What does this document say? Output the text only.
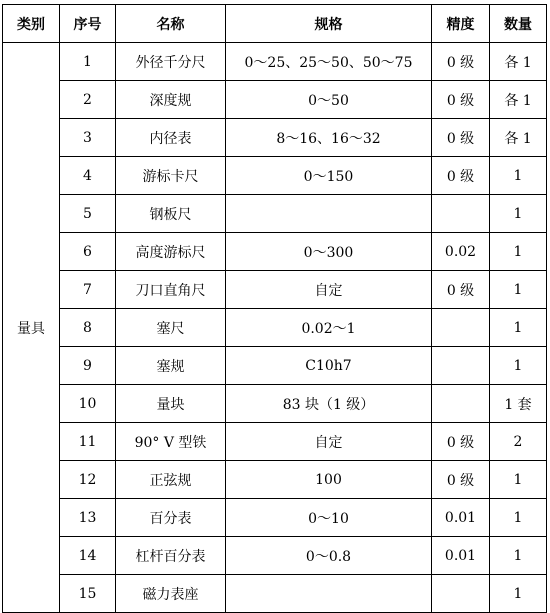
类别	序号	名称	规格	精度	数量
量具	1	外径千分尺	0～25、25～50、50～75	0 级	各 1
	2	深度规	0～50	0 级	各 1
	3	内径表	8～16、16～32	0 级	各 1
	4	游标卡尺	0～150	0 级	1
	5	钢板尺			1
	6	高度游标尺	0～300	0.02	1
	7	刀口直角尺	自定	0 级	1
	8	塞尺	0.02～1		1
	9	塞规	C10h7		1
	10	量块	83 块（1 级）		1 套
	11	90° V 型铁	自定	0 级	2
	12	正弦规	100	0 级	1
	13	百分表	0～10	0.01	1
	14	杠杆百分表	0～0.8	0.01	1
	15	磁力表座			1
